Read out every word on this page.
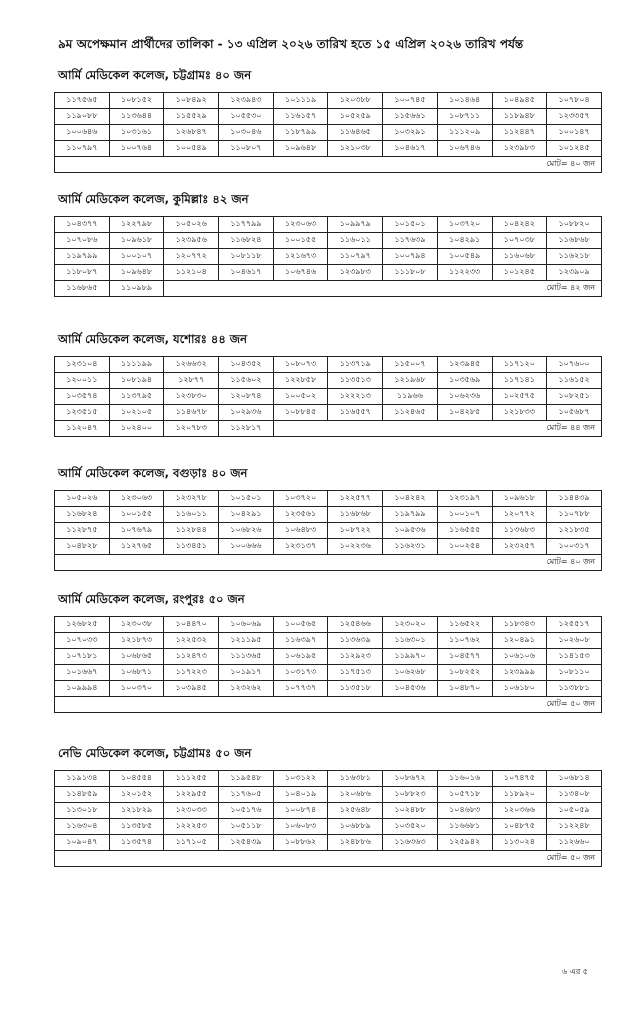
৯ম অপেক্ষমান প্রার্থীদের তালিকা - ১৩ এপ্রিল ২০২৬ তারিখ হতে ১৫ এপ্রিল ২০২৬ তারিখ পর্যন্ত
আর্মি মেডিকেল কলেজ, চট্টগ্রামঃ ৪০ জন
১১৭৫৬৫	১০৮১৫২	১০৮৪৯২	১২৩৯৪৩	১০১১১৯	১২০৩৮৮	১০০৭৪৫	১০১৪৬৪	১০৪৯৪৫	১০৭৮০৪
১১৯০৮৮	১১৩৬৪৪	১১৫৫২৯	১০৫৫৩০	১১৬১৫৭	১০৫২৫৯	১১৫৬৬১	১০৮৭১১	১১৮৯৪৮	১২৩৩৫৭
১০০৬৪৬	১০৩১৬১	১২৬৮৪৭	১০৩০৪৬	১১৮৭৯৯	১১৬৪৬৫	১০৩২৯১	১১১২০৯	১১২৪৪৭	১০০১৪৭
১১০৭৯৭	১০০৭৬৪	১০০৫৪৯	১১০৮০৭	১০৯৬৪৮	১২১০৩৮	১০৪৬১৭	১০৬৭৪৬	১২৩৯৮৩	১০১২৪৫
মোট= ৪০ জন									
আর্মি মেডিকেল কলেজ, কুমিল্লাঃ ৪২ জন
১০৪৩৭৭	১২২৭৯৮	১০৫০২৬	১১৭৭৯৯	১২৩০৬৩	১০৯৯৭৯	১০১৫০১	১০৩৭২০	১০৪২৪২	১০৮৮২০
১০৭০৮৬	১০৯৬১৮	১২৩৯৫৬	১১৬৮২৪	১০০১৫৫	১১৬০১১	১১৭৬৩৯	১০৪২৯১	১০৭০৩৮	১১৬৮৬৮
১১৯৭৯৯	১০০১০৭	১২০৭৭২	১০৮১১৮	১২১৬৭৩	১১০৭৯৭	১০০৭৯৪	১০০৫৪৯	১১৬০৬৮	১১৬২১৮
১১৮০৮৭	১০৯৬৪৮	১১২১০৪	১০৪৬১৭	১০৬৭৪৬	১২৩৯৮৩	১১১৮০৮	১১২২৩৩	১০১২৪৫	১২৩৯০৯
১১৬৮৬৫	১১০৯৮৯	মোট= ৪২ জন							
আর্মি মেডিকেল কলেজ, যশোরঃ ৪৪ জন
১২৩১০৪	১১১১৯৯	১২৬৬৩২	১০৪৩৫২	১০৮০৭৩	১১৩৭১৯	১১৫০০৭	১২৩৯৪৫	১১৭১২০	১০৭৬০০
১২০০১১	১০৮১৯৪	১২৮৭৭	১১৫৬০২	১২২৮৫৮	১১৩৫১৩	১২১৯৬৮	১০৩৫৬৯	১১৭১৪১	১১৬১৫২
১০৩৫৭৪	১১৩৭৯৫	১২৩৮৩০	১২০৮৭৪	১০০৫০২	১২২২১৩	১১৯৬৬	১০৬২৩৬	১০২৫৭৫	১০৮২৫১
১২৩৫১৫	১০২১০৫	১১৪৬৭৮	১০২৯৩৬	১০৮৮৪৫	১১৬৫৫৭	১১২৪৬৫	১০৪২৮৫	১২১৮৩৩	১০৫৬৮৭
১১২০৪৭	১০২৪০০	১২০৭৮৩	১১২৮১৭	মোট= ৪৪ জন					
আর্মি মেডিকেল কলেজ, বগুড়াঃ ৪০ জন
১০৫০২৬	১২৩০৬৩	১২৩২৭৮	১০১৫০১	১০৩৭২০	১২২৫৭৭	১০৪২৪২	১২৩১৯৭	১০৯৬১৮	১১৪৪৩৯
১১৬৮২৪	১০০১৫৫	১১৬০১১	১০৪২৯১	১২৩৫৬১	১১৬৮৬৮	১১৯৭৯৯	১০০১০৭	১২০৭৭২	১১০৭৮৮
১১২৮৭৫	১০৭৬৭৯	১১২৮৪৪	১০৬৮২৬	১০৬৪৮৩	১০৮৭২২	১০৯৫৩৬	১১৬৫৫৫	১১৩৬৮৩	১২১৮৩৫
১০৪৮২৮	১১২৭৬৫	১১৩৪৫১	১০০৬৬৬	১২৩১৩৭	১০২২৩৬	১১৬২৩১	১০০২৫৪	১২৩২৫৭	১০০৩১৭
মোট= ৪০ জন									
আর্মি মেডিকেল কলেজ, রংপুরঃ ৫০ জন
১২৬৮২৫	১২৩০৩৮	১০৪৪৭০	১০৬০৬৯	১০০৫৬৫	১২৫৪৬৬	১২৩০২০	১১৬৫২২	১১৮৩৪৩	১২৫৫১৭
১০৭০৩৩	১২১৮৭৩	১২২৫৩২	১২১১৯৫	১১৬৩৯৭	১১৩৬৩৯	১১৬৩০১	১১০৭৬২	১২০৪৯১	১০২৬০৮
১০৭১৮১	১০৬৮৬৫	১১২৪৭৩	১১১৩৬৫	১০৬১৯৫	১১২৯২৩	১১৯৯৭০	১০৪৫৭৭	১০৬১০৬	১১৪১৫৩
১০১৬৬৭	১০৬৮৭১	১১৭২২৩	১০১৯১৭	১০৩১৭৩	১১৭৫১৩	১০৬২৬৮	১০৮২৫২	১২৩৯৯৯	১০৮১১০
১০৯৯৯৪	১০০৩৭০	১০৩৯৪৫	১২৩২৬২	১০৭৭৩৭	১১৩৫১৮	১০৪৫৩৬	১০৪৮৭০	১০৬১৮০	১১৩৮৮১
মোট= ৫০ জন									
নেভি মেডিকেল কলেজ, চট্টগ্রামঃ ৫০ জন
১১৯১৩৪	১০৪৫৫৪	১১১২৫৫	১১৯৫৪৮	১০৩১২২	১১৬৩৮১	১০৮৬৭২	১১৬০১৬	১০৭৪৭৫	১০৬৮১৪
১১৪৮৫৯	১২০১৫২	১২২৯৫৫	১১৭৬০৫	১০৪০১৯	১২০৬৮৬	১০৮৮২৩	১০৫৭১৮	১১৮৯২০	১১৩৪০৮
১১৩০১৮	১২১৮২৯	১২৩০৩৩	১০৫১৭৬	১০০৮৭৪	১২৫৬৪৮	১০২৪৮৮	১০৪৬৮৩	১২০৩৬৬	১০৫০৫৯
১১৬৩০৪	১১৩৫৮৫	১২২২৫৩	১০৫১১৮	১০৬০৮৩	১০৬৮৮৯	১০৩৫২০	১১৬৬৮১	১০৪৮৭৫	১১২২৪৮
১০৯০৪৭	১১৩৫৭৪	১১৭১০৫	১২৫৪৩৯	১০৮৮৬২	১২৪৮৮৬	১১৬৩৬৩	১২৫৯৪২	১১৩০২৪	১১২৬৬০
মোট= ৫০ জন									
৬ এর ৫
